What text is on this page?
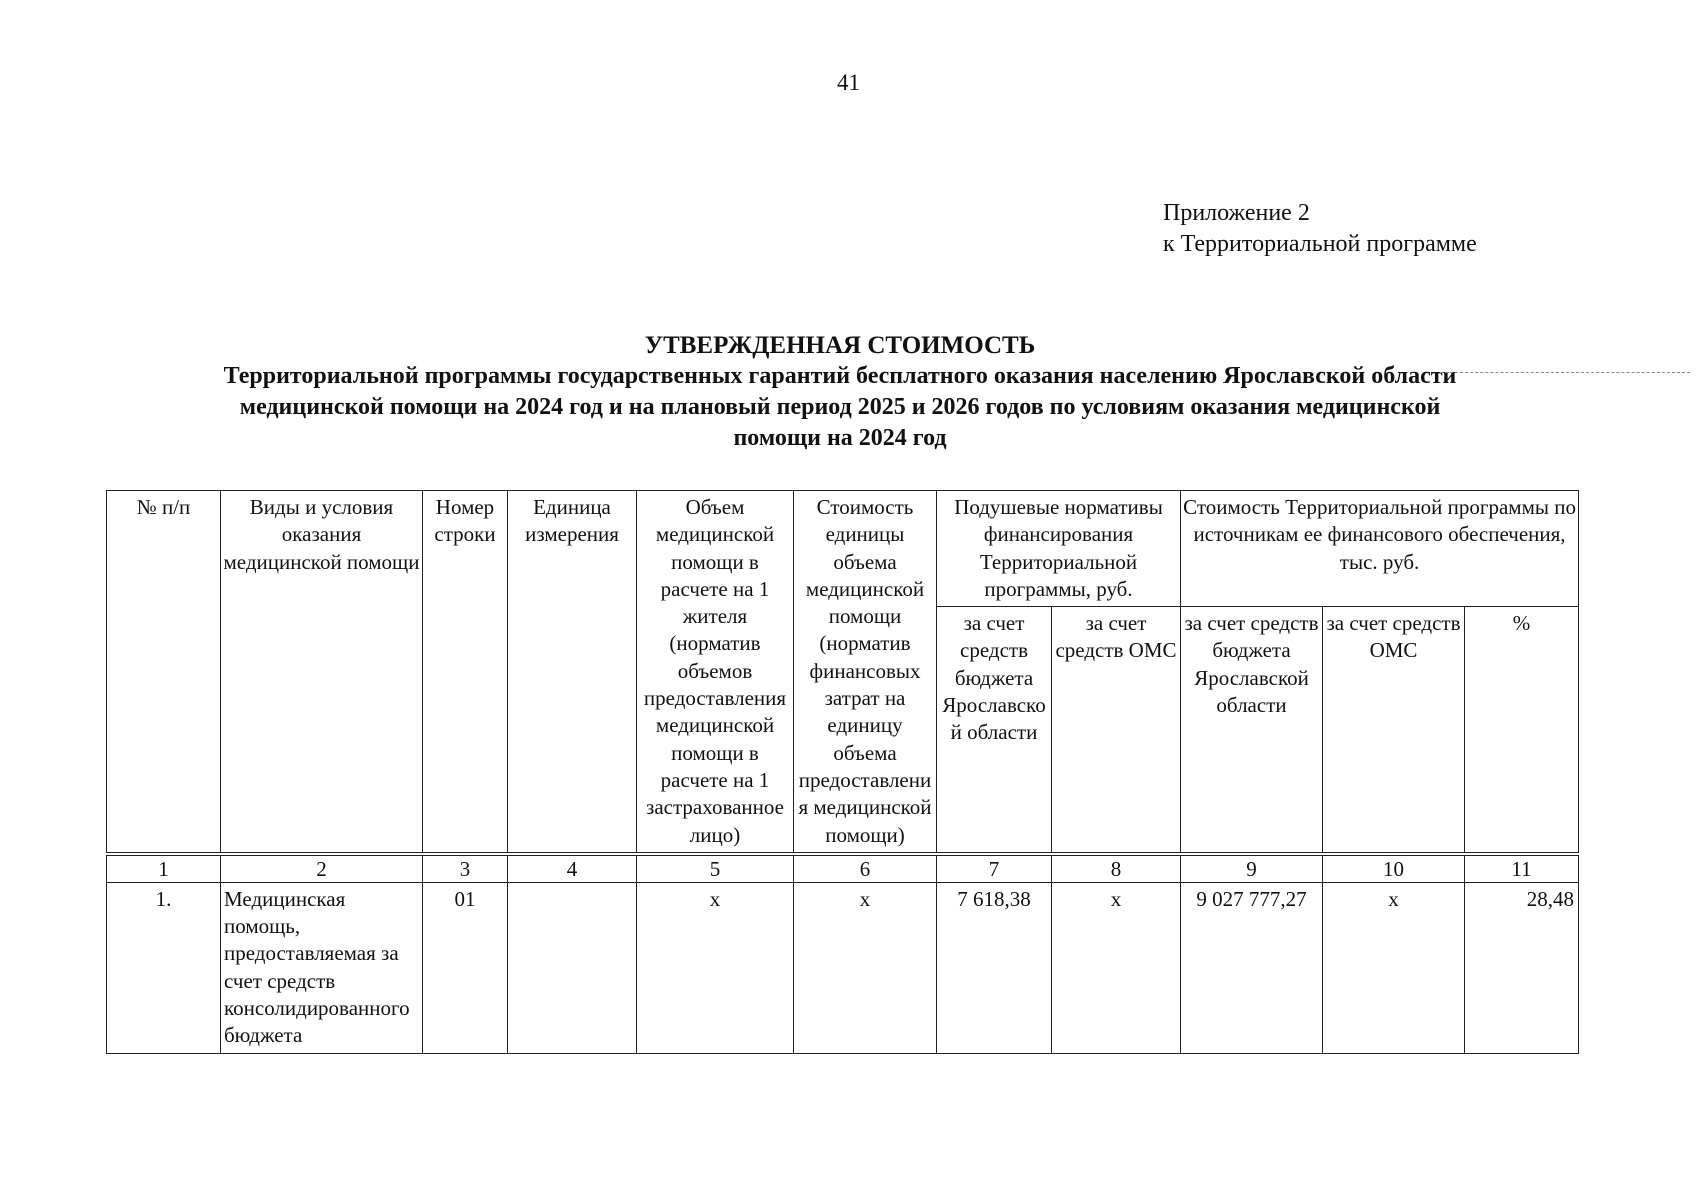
41
Приложение 2
к Территориальной программе
УТВЕРЖДЕННАЯ СТОИМОСТЬ
Территориальной программы государственных гарантий бесплатного оказания населению Ярославской области
медицинской помощи на 2024 год и на плановый период 2025 и 2026 годов по условиям оказания медицинской
помощи на 2024 год
№ п/п	Виды и условия оказания медицинской помощи	Номер строки	Единица измерения	Объем медицинской помощи в расчете на 1 жителя (норматив объемов предоставления медицинской помощи в расчете на 1 застрахованное лицо)	Стоимость единицы объема медицинской помощи (норматив финансовых затрат на единицу объема предоставления медицинской помощи)	Подушевые нормативы финансирования Территориальной программы, руб.		Стоимость Территориальной программы по источникам ее финансового обеспечения, тыс. руб.		
						за счет средств бюджета Ярославской области	за счет средств ОМС	за счет средств бюджета Ярославской области	за счет средств ОМС	%
1	2	3	4	5	6	7	8	9	10	11
1.	Медицинская помощь, предоставляемая за счет средств консолидированного бюджета	01		х	х	7 618,38	х	9 027 777,27	х	28,48
